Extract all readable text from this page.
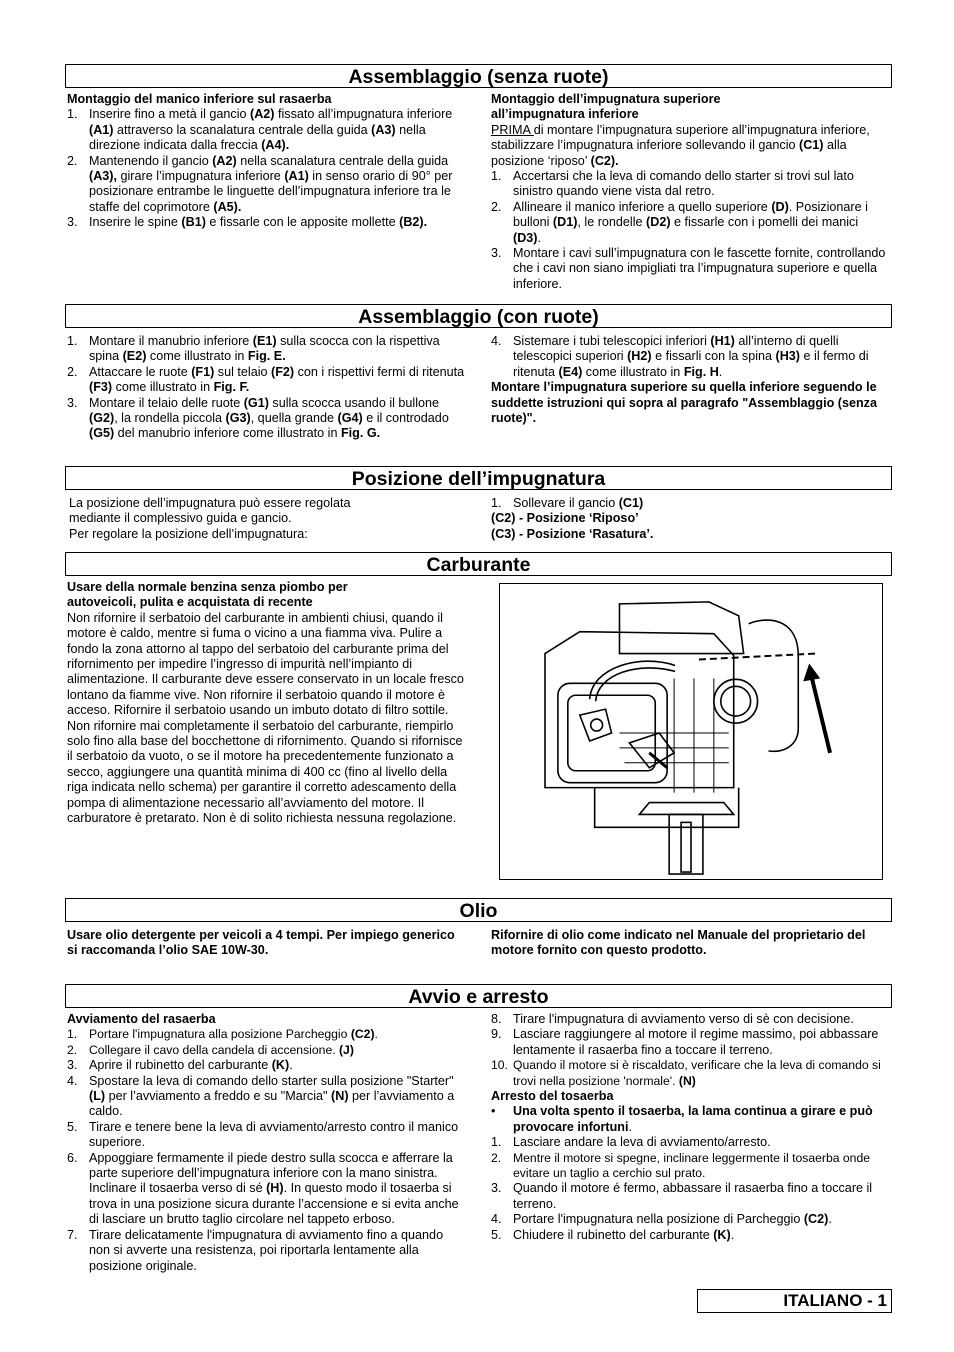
Assemblaggio (senza ruote)

Montaggio del manico inferiore sul rasaerba

1. Inserire fino a metà il gancio (A2) fissato all’impugnatura inferiore (A1) attraverso la scanalatura centrale della guida (A3) nella direzione indicata dalla freccia (A4).
2. Mantenendo il gancio (A2) nella scanalatura centrale della guida (A3), girare l’impugnatura inferiore (A1) in senso orario di 90° per posizionare entrambe le linguette dell’impugnatura inferiore tra le staffe del coprimotore (A5).
3. Inserire le spine (B1) e fissarle con le apposite mollette (B2).

Montaggio dell’impugnatura superiore

all’impugnatura inferiore

PRIMA di montare l’impugnatura superiore all’impugnatura inferiore, stabilizzare l’impugnatura inferiore sollevando il gancio (C1) alla posizione ‘riposo’ (C2).

1. Accertarsi che la leva di comando dello starter si trovi sul lato sinistro quando viene vista dal retro.
2. Allineare il manico inferiore a quello superiore (D). Posizionare i bulloni (D1), le rondelle (D2) e fissarle con i pomelli dei manici (D3).
3. Montare i cavi sull’impugnatura con le fascette fornite, controllando che i cavi non siano impigliati tra l’impugnatura superiore e quella inferiore.
Assemblaggio (con ruote)
1. Montare il manubrio inferiore (E1) sulla scocca con la rispettiva spina (E2) come illustrato in Fig. E.
2. Attaccare le ruote (F1) sul telaio (F2) con i rispettivi fermi di ritenuta (F3) come illustrato in Fig. F.
3. Montare il telaio delle ruote (G1) sulla scocca usando il bullone (G2), la rondella piccola (G3), quella grande (G4) e il controdado (G5) del manubrio inferiore come illustrato in Fig. G.
4. Sistemare i tubi telescopici inferiori (H1) all’interno di quelli telescopici superiori (H2) e fissarli con la spina (H3) e il fermo di ritenuta (E4) come illustrato in Fig. H.

Montare l’impugnatura superiore su quella inferiore seguendo le suddette istruzioni qui sopra al paragrafo "Assemblaggio (senza ruote)".

Posizione dell’impugnatura

La posizione dell’impugnatura può essere regolata

mediante il complessivo guida e gancio.

Per regolare la posizione dell’impugnatura:

1. Sollevare il gancio (C1)

(C2) - Posizione ‘Riposo’

(C3) - Posizione ‘Rasatura’.

Carburante

Usare della normale benzina senza piombo per

autoveicoli, pulita e acquistata di recente

Non rifornire il serbatoio del carburante in ambienti chiusi, quando il motore è caldo, mentre si fuma o vicino a una fiamma viva. Pulire a fondo la zona attorno al tappo del serbatoio del carburante prima del rifornimento per impedire l’ingresso di impurità nell’impianto di alimentazione. Il carburante deve essere conservato in un locale fresco lontano da fiamme vive. Non rifornire il serbatoio quando il motore è acceso. Rifornire il serbatoio usando un imbuto dotato di filtro sottile. Non rifornire mai completamente il serbatoio del carburante, riempirlo solo fino alla base del bocchettone di rifornimento. Quando si rifornisce il serbatoio da vuoto, o se il motore ha precedentemente funzionato a secco, aggiungere una quantità minima di 400 cc (fino al livello della riga indicata nello schema) per garantire il corretto adescamento della pompa di alimentazione necessario all’avviamento del motore. Il carburatore è pretarato. Non è di solito richiesta nessuna regolazione.

Olio

Usare olio detergente per veicoli a 4 tempi. Per impiego generico si raccomanda l’olio SAE 10W-30.

Rifornire di olio come indicato nel Manuale del proprietario del motore fornito con questo prodotto.

Avvio e arresto

Avviamento del rasaerba

1. Portare l'impugnatura alla posizione Parcheggio (C2).
2. Collegare il cavo della candela di accensione. (J)
3. Aprire il rubinetto del carburante (K).
4. Spostare la leva di comando dello starter sulla posizione "Starter" (L) per l’avviamento a freddo e su "Marcia" (N) per l’avviamento a caldo.
5. Tirare e tenere bene la leva di avviamento/arresto contro il manico superiore.
6. Appoggiare fermamente il piede destro sulla scocca e afferrare la parte superiore dell’impugnatura inferiore con la mano sinistra. Inclinare il tosaerba verso di sé (H). In questo modo il tosaerba si trova in una posizione sicura durante l’accensione e si evita anche di lasciare un brutto taglio circolare nel tappeto erboso.
7. Tirare delicatamente l'impugnatura di avviamento fino a quando non si avverte una resistenza, poi riportarla lentamente alla posizione originale.
8. Tirare l'impugnatura di avviamento verso di sè con decisione.
9. Lasciare raggiungere al motore il regime massimo, poi abbassare lentamente il rasaerba fino a toccare il terreno.
10. Quando il motore si è riscaldato, verificare che la leva di comando si trovi nella posizione 'normale'. (N)

Arresto del tosaerba

• Una volta spento il tosaerba, la lama continua a girare e può provocare infortuni.
1. Lasciare andare la leva di avviamento/arresto.
2. Mentre il motore si spegne, inclinare leggermente il tosaerba onde evitare un taglio a cerchio sul prato.
3. Quando il motore é fermo, abbassare il rasaerba fino a toccare il terreno.
4. Portare l'impugnatura nella posizione di Parcheggio (C2).
5. Chiudere il rubinetto del carburante (K).
ITALIANO - 1
